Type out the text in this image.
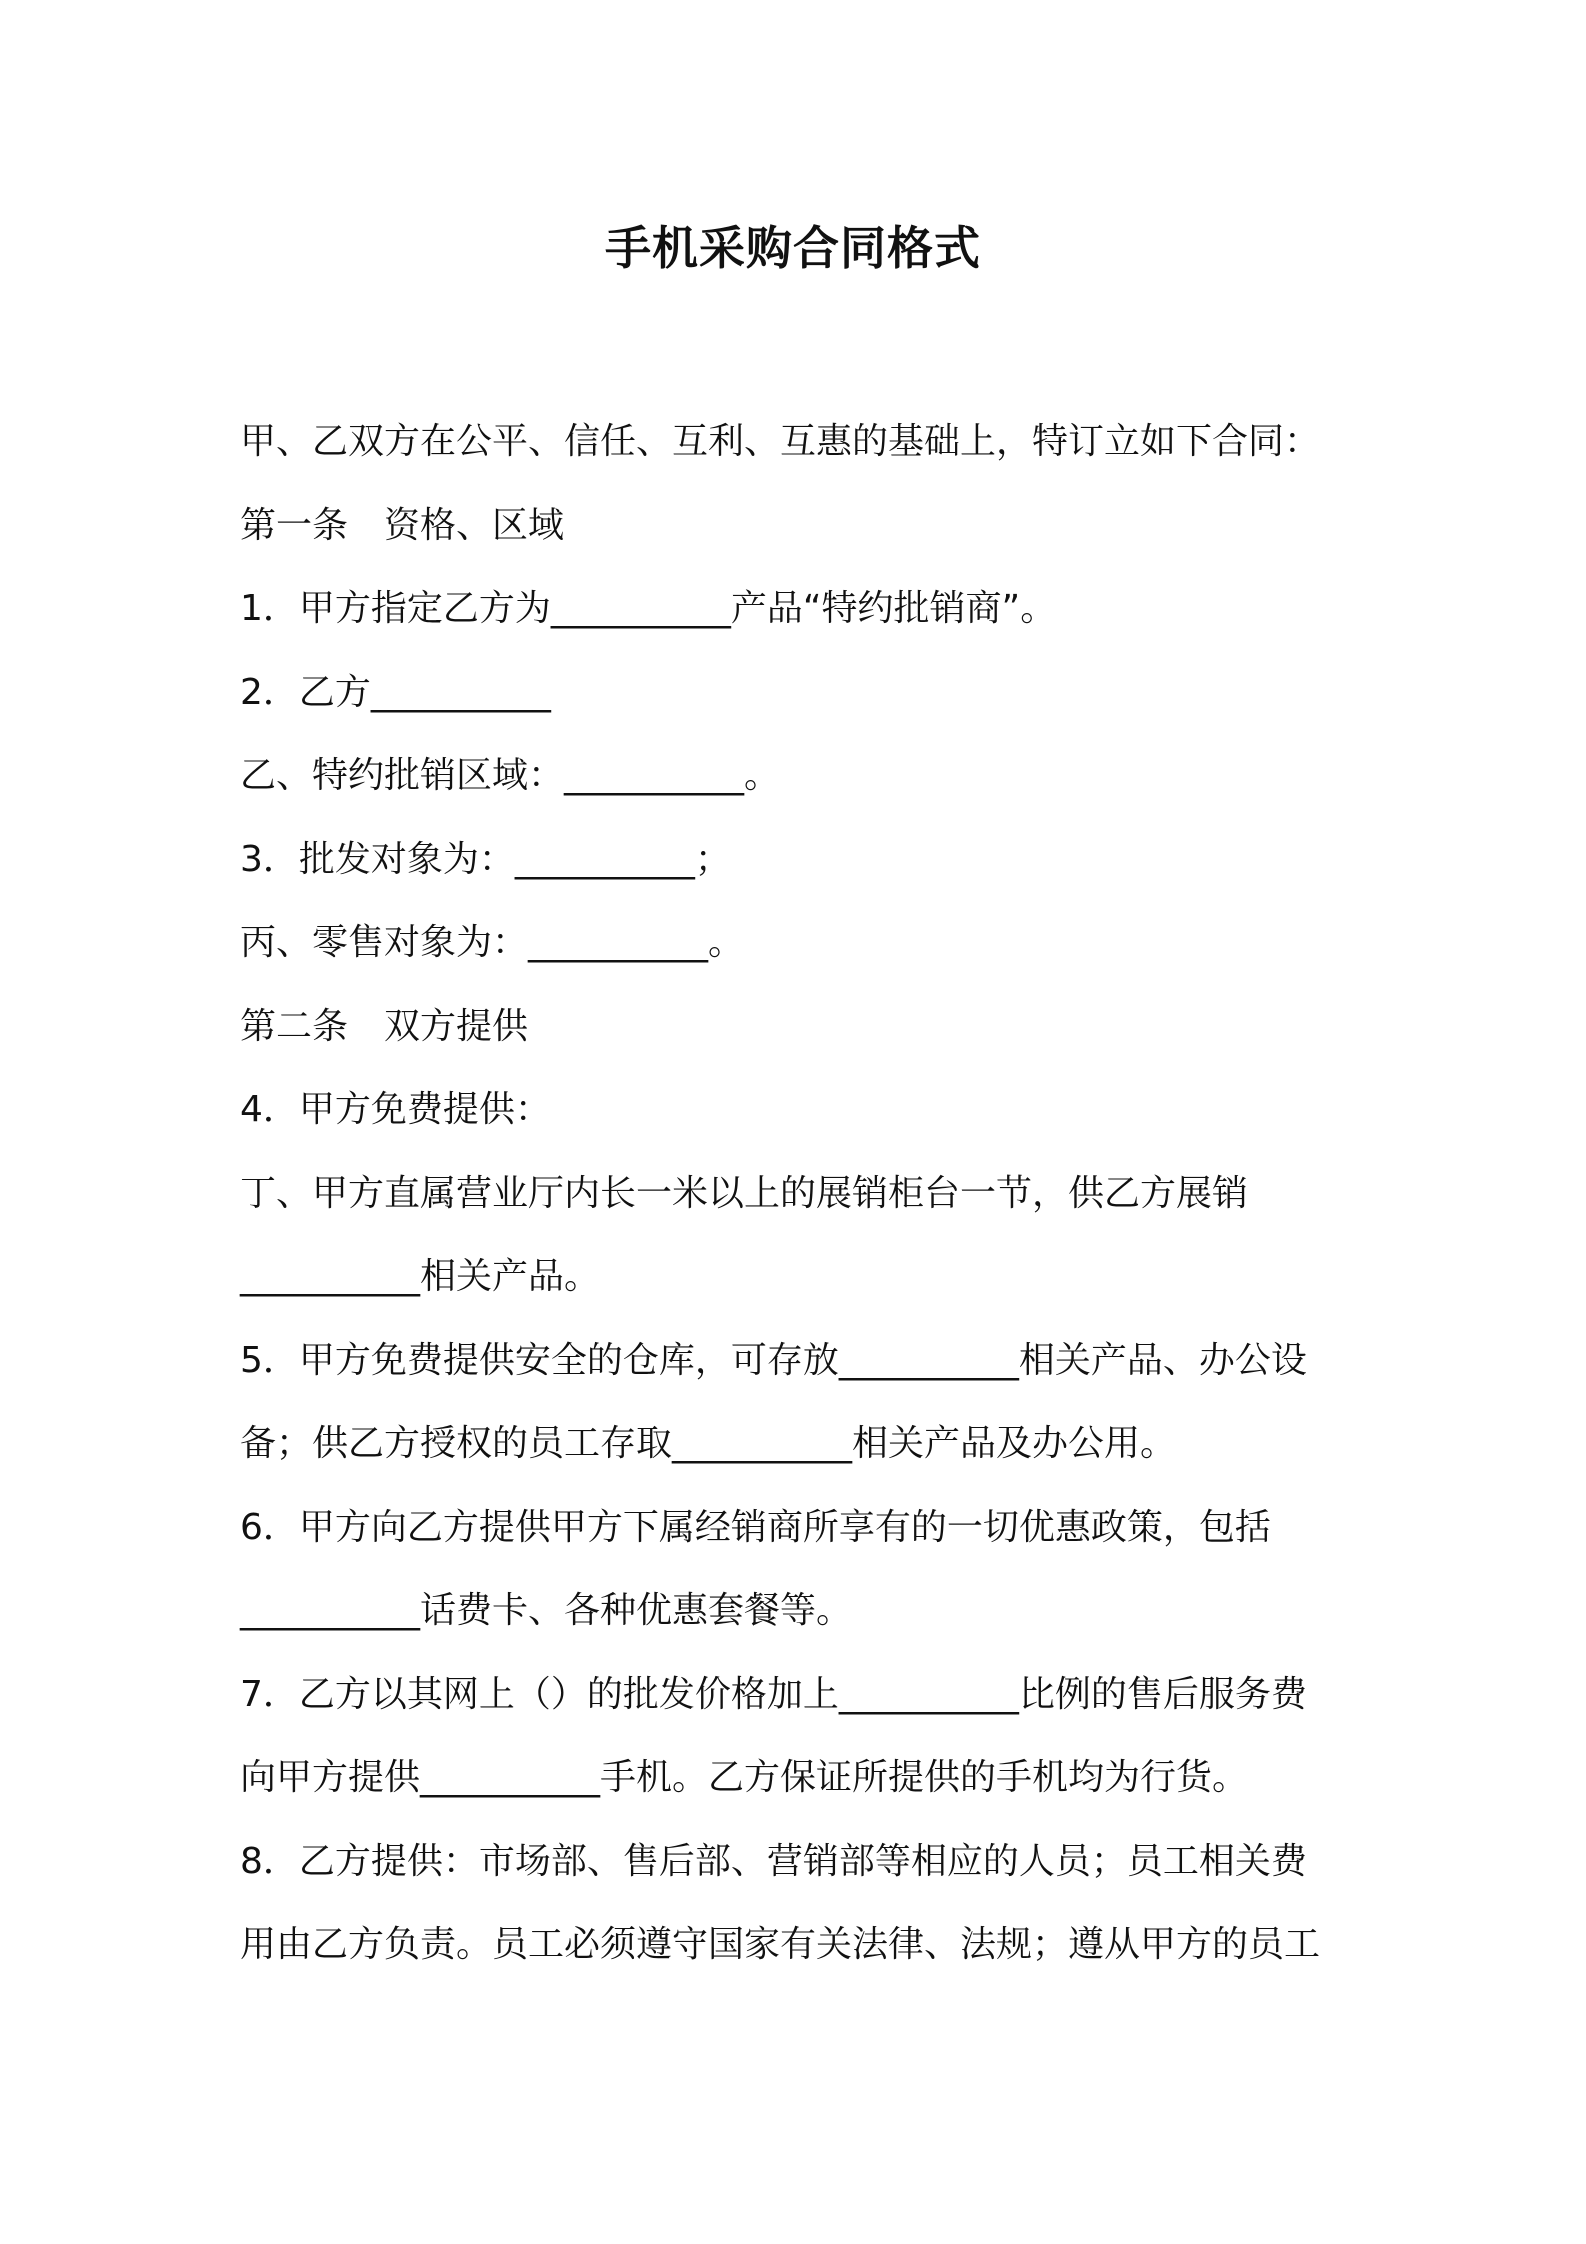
手机采购合同格式
甲、乙双方在公平、信任、互利、互惠的基础上，特订立如下合同：
第一条　资格、区域
1．甲方指定乙方为__________产品“特约批销商”。
2．乙方__________
乙、特约批销区域：__________。
3．批发对象为：__________；
丙、零售对象为：__________。
第二条　双方提供
4．甲方免费提供：
丁、甲方直属营业厅内长一米以上的展销柜台一节，供乙方展销
__________相关产品。
5．甲方免费提供安全的仓库，可存放__________相关产品、办公设
备；供乙方授权的员工存取__________相关产品及办公用。
6．甲方向乙方提供甲方下属经销商所享有的一切优惠政策，包括
__________话费卡、各种优惠套餐等。
7．乙方以其网上（）的批发价格加上__________比例的售后服务费
向甲方提供__________手机。乙方保证所提供的手机均为行货。
8．乙方提供：市场部、售后部、营销部等相应的人员；员工相关费
用由乙方负责。员工必须遵守国家有关法律、法规；遵从甲方的员工
